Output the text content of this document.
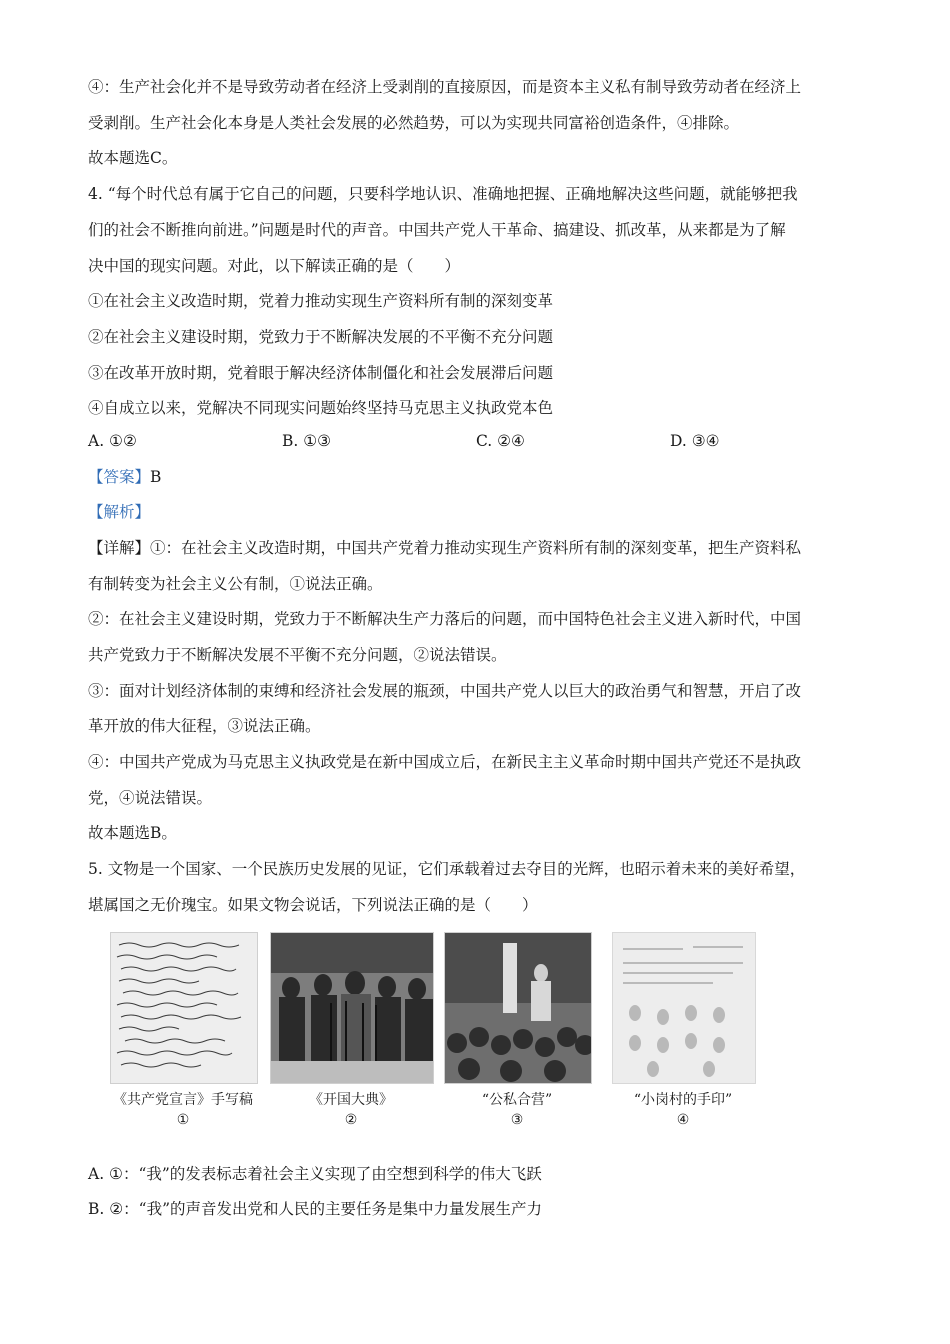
④：生产社会化并不是导致劳动者在经济上受剥削的直接原因，而是资本主义私有制导致劳动者在经济上
受剥削。生产社会化本身是人类社会发展的必然趋势，可以为实现共同富裕创造条件，④排除。
故本题选C。
4. “每个时代总有属于它自己的问题，只要科学地认识、准确地把握、正确地解决这些问题，就能够把我
们的社会不断推向前进。”问题是时代的声音。中国共产党人干革命、搞建设、抓改革，从来都是为了解
决中国的现实问题。对此，以下解读正确的是（　　）
①在社会主义改造时期，党着力推动实现生产资料所有制的深刻变革
②在社会主义建设时期，党致力于不断解决发展的不平衡不充分问题
③在改革开放时期，党着眼于解决经济体制僵化和社会发展滞后问题
④自成立以来，党解决不同现实问题始终坚持马克思主义执政党本色
A. ①②	B. ①③	C. ②④	D. ③④
【答案】B
【解析】
【详解】①：在社会主义改造时期，中国共产党着力推动实现生产资料所有制的深刻变革，把生产资料私
有制转变为社会主义公有制，①说法正确。
②：在社会主义建设时期，党致力于不断解决生产力落后的问题，而中国特色社会主义进入新时代，中国
共产党致力于不断解决发展不平衡不充分问题，②说法错误。
③：面对计划经济体制的束缚和经济社会发展的瓶颈，中国共产党人以巨大的政治勇气和智慧，开启了改
革开放的伟大征程，③说法正确。
④：中国共产党成为马克思主义执政党是在新中国成立后，在新民主主义革命时期中国共产党还不是执政
党，④说法错误。
故本题选B。
5. 文物是一个国家、一个民族历史发展的见证，它们承载着过去夺目的光辉，也昭示着未来的美好希望，
堪属国之无价瑰宝。如果文物会说话，下列说法正确的是（　　）
《共产党宣言》手写稿	《开国大典》	“公私合营”	“小岗村的手印”
①	②	③	④
A. ①：“我”的发表标志着社会主义实现了由空想到科学的伟大飞跃
B. ②：“我”的声音发出党和人民的主要任务是集中力量发展生产力
